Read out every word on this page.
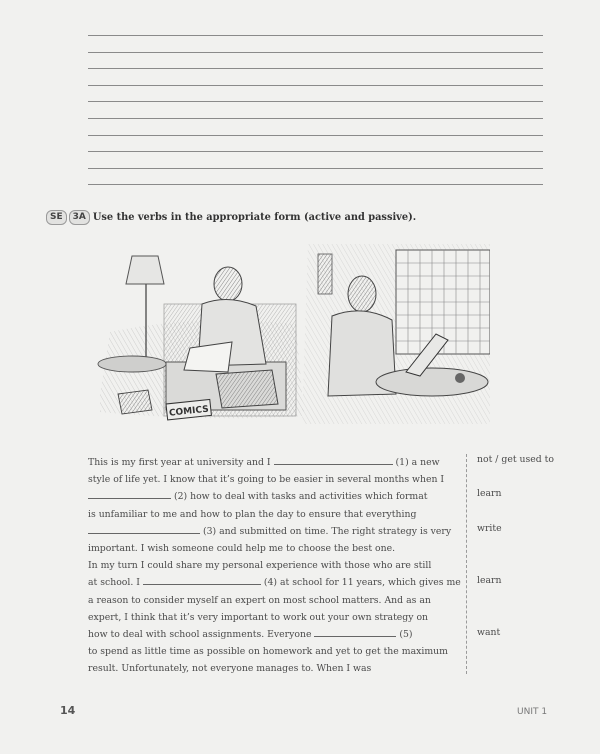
SE	3A Use the verbs in the appropriate form (active and passive).
COMICS
This is my first year at university and I	(1) a new
style of life yet. I know that it’s going to be easier in several months when I
(2) how to deal with tasks and activities which format
is unfamiliar to me and how to plan the day to ensure that everything
(3) and submitted on time. The right strategy is very
important. I wish someone could help me to choose the best one.
In my turn I could share my personal experience with those who are still
at school. I	(4) at school for 11 years, which gives me
a reason to consider myself an expert on most school matters. And as an
expert, I think that it’s very important to work out your own strategy on
how to deal with school assignments. Everyone	(5)
to spend as little time as possible on homework and yet to get the maximum
result. Unfortunately, not everyone manages to. When I was
not / get used to
learn
write
learn
want
14	UNIT 1
